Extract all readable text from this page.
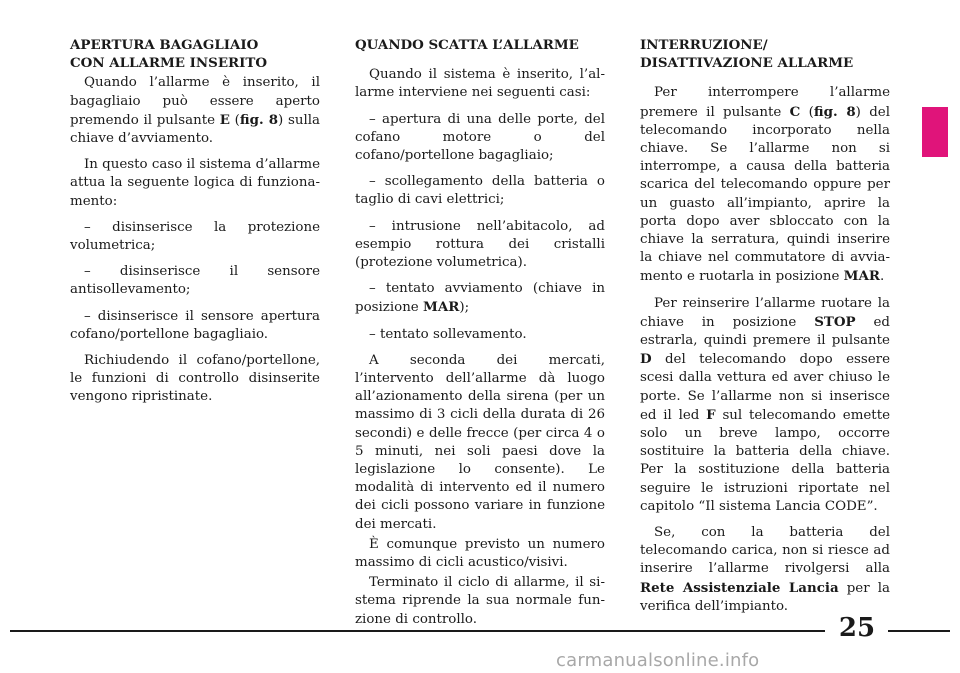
APERTURA BAGAGLIAIO
CON ALLARME INSERITO

Quando l’allarme è inserito, il bagagliaio può essere aperto premendo il pulsante E (fig. 8) sulla chiave d’avviamento.

In questo caso il sistema d’allarme attua la seguente logica di funzionamento:

– disinserisce la protezione volumetrica;

– disinserisce il sensore antisollevamento;

– disinserisce il sensore apertura cofano/portellone bagagliaio.

Richiudendo il cofano/portellone, le funzioni di controllo disinserite vengono ripristinate.

QUANDO SCATTA L’ALLARME

Quando il sistema è inserito, l’allarme interviene nei seguenti casi:

– apertura di una delle porte, del cofano motore o del cofano/portellone bagagliaio;

– scollegamento della batteria o taglio di cavi elettrici;

– intrusione nell’abitacolo, ad esempio rottura dei cristalli (protezione volumetrica).

– tentato avviamento (chiave in posizione MAR);

– tentato sollevamento.

A seconda dei mercati, l’intervento dell’allarme dà luogo all’azionamento della sirena (per un massimo di 3 cicli della durata di 26 secondi) e delle frecce (per circa 4 o 5 minuti, nei soli paesi dove la legislazione lo consente). Le modalità di intervento ed il numero dei cicli possono variare in funzione dei mercati.

È comunque previsto un numero massimo di cicli acustico/visivi.

Terminato il ciclo di allarme, il sistema riprende la sua normale funzione di controllo.

INTERRUZIONE/
DISATTIVAZIONE ALLARME

Per interrompere l’allarme premere il pulsante C (fig. 8) del telecomando incorporato nella chiave. Se l’allarme non si interrompe, a causa della batteria scarica del telecomando oppure per un guasto all’impianto, aprire la porta dopo aver sbloccato con la chiave la serratura, quindi inserire la chiave nel commutatore di avviamento e ruotarla in posizione MAR.

Per reinserire l’allarme ruotare la chiave in posizione STOP ed estrarla, quindi premere il pulsante D del telecomando dopo essere scesi dalla vettura ed aver chiuso le porte. Se l’allarme non si inserisce ed il led F sul telecomando emette solo un breve lampo, occorre sostituire la batteria della chiave. Per la sostituzione della batteria seguire le istruzioni riportate nel capitolo “Il sistema Lancia CODE”.

Se, con la batteria del telecomando carica, non si riesce ad inserire l’allarme rivolgersi alla Rete Assistenziale Lancia per la verifica dell’impianto.

25
carmanualsonline.info
